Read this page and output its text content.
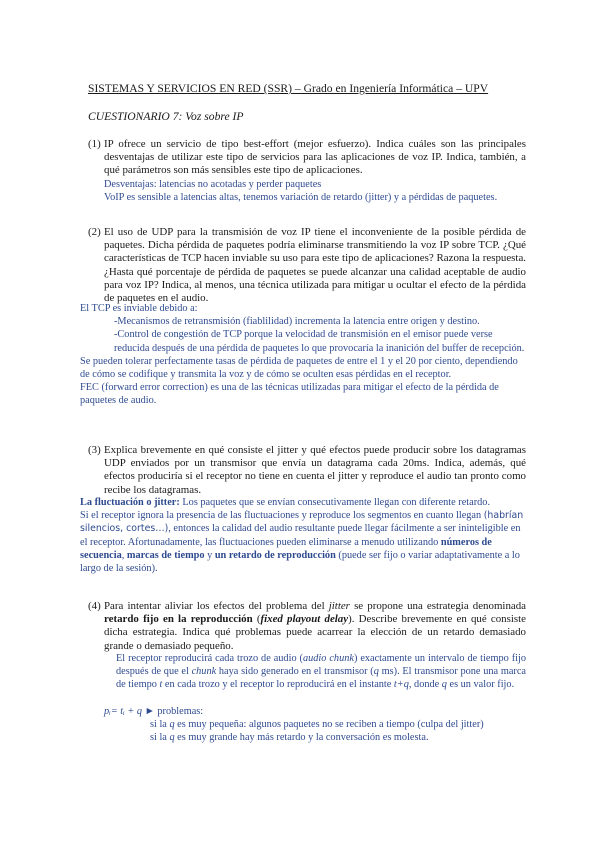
SISTEMAS Y SERVICIOS EN RED (SSR) – Grado en Ingeniería Informática – UPV
CUESTIONARIO 7: Voz sobre IP
(1) IP ofrece un servicio de tipo best-effort (mejor esfuerzo). Indica cuáles son las principales desventajas de utilizar este tipo de servicios para las aplicaciones de voz IP. Indica, también, a qué parámetros son más sensibles este tipo de aplicaciones.

Desventajas: latencias no acotadas y perder paquetes

VoIP es sensible a latencias altas, tenemos variación de retardo (jitter) y a pérdidas de paquetes.

(2) El uso de UDP para la transmisión de voz IP tiene el inconveniente de la posible pérdida de paquetes. Dicha pérdida de paquetes podría eliminarse transmitiendo la voz IP sobre TCP. ¿Qué características de TCP hacen inviable su uso para este tipo de aplicaciones? Razona la respuesta. ¿Hasta qué porcentaje de pérdida de paquetes se puede alcanzar una calidad aceptable de audio para voz IP? Indica, al menos, una técnica utilizada para mitigar u ocultar el efecto de la pérdida de paquetes en el audio.

El TCP es inviable debido a:

-Mecanismos de retransmisión (fiablilidad) incrementa la latencia entre origen y destino.

-Control de congestión de TCP porque la velocidad de transmisión en el emisor puede verse reducida después de una pérdida de paquetes lo que provocaría la inanición del buffer de recepción.

Se pueden tolerar perfectamente tasas de pérdida de paquetes de entre el 1 y el 20 por ciento, dependiendo de cómo se codifique y transmita la voz y de cómo se oculten esas pérdidas en el receptor.

FEC (forward error correction) es una de las técnicas utilizadas para mitigar el efecto de la pérdida de paquetes de audio.

(3) Explica brevemente en qué consiste el jitter y qué efectos puede producir sobre los datagramas UDP enviados por un transmisor que envía un datagrama cada 20ms. Indica, además, qué efectos produciría si el receptor no tiene en cuenta el jitter y reproduce el audio tan pronto como recibe los datagramas.

La fluctuación o jitter: Los paquetes que se envían consecutivamente llegan con diferente retardo.

Si el receptor ignora la presencia de las fluctuaciones y reproduce los segmentos en cuanto llegan (habrían silencios, cortes…), entonces la calidad del audio resultante puede llegar fácilmente a ser ininteligible en el receptor. Afortunadamente, las fluctuaciones pueden eliminarse a menudo utilizando números de secuencia, marcas de tiempo y un retardo de reproducción (puede ser fijo o variar adaptativamente a lo largo de la sesión).

(4) Para intentar aliviar los efectos del problema del jitter se propone una estrategia denominada retardo fijo en la reproducción (fixed playout delay). Describe brevemente en qué consiste dicha estrategia. Indica qué problemas puede acarrear la elección de un retardo demasiado grande o demasiado pequeño.

El receptor reproducirá cada trozo de audio (audio chunk) exactamente un intervalo de tiempo fijo después de que el chunk haya sido generado en el transmisor (q ms). El transmisor pone una marca de tiempo t en cada trozo y el receptor lo reproducirá en el instante t+q, donde q es un valor fijo.

pᵢ= tᵢ + q ► problemas:

si la q es muy pequeña: algunos paquetes no se reciben a tiempo (culpa del jitter)

si la q es muy grande hay más retardo y la conversación es molesta.
